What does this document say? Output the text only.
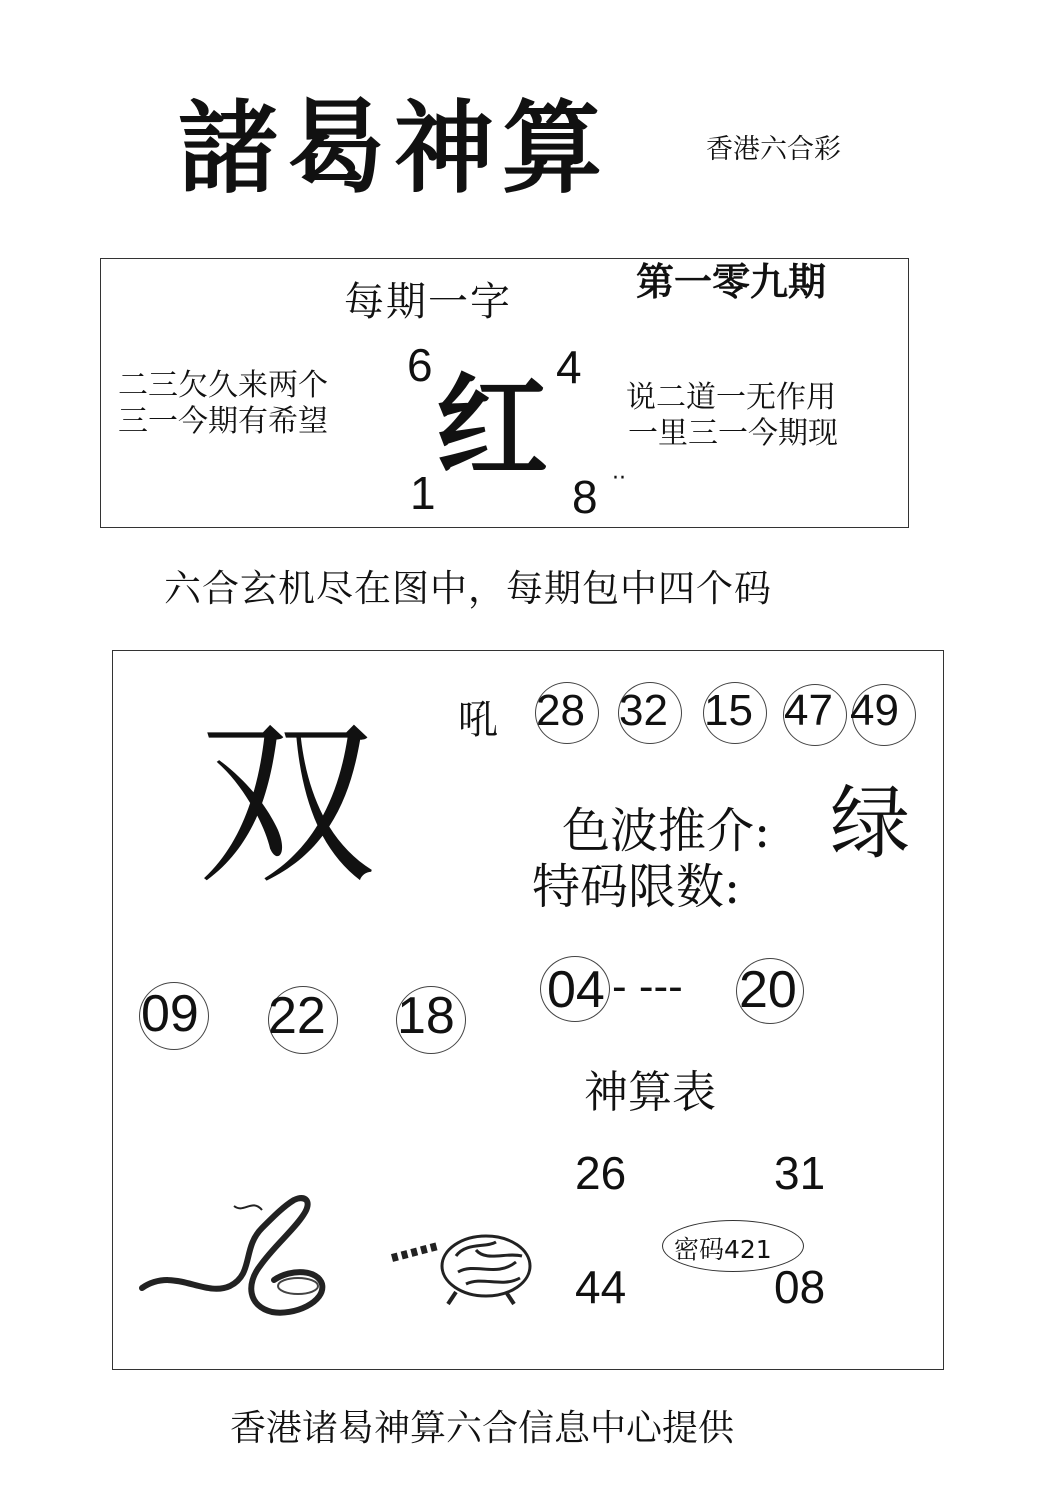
諸曷神算	香港六合彩
每期一字	第一零九期
二三欠久来两个
三一今期有希望
说二道一无作用
一里三一今期现
6	4
红
1	8 ··
六合玄机尽在图中，每期包中四个码
双 吼 28 32 15 47 49
色波推介: 绿
特码限数:
09 22 18 04 - --- 20
神算表
26	31
44	08
密码421
香港诸曷神算六合信息中心提供
